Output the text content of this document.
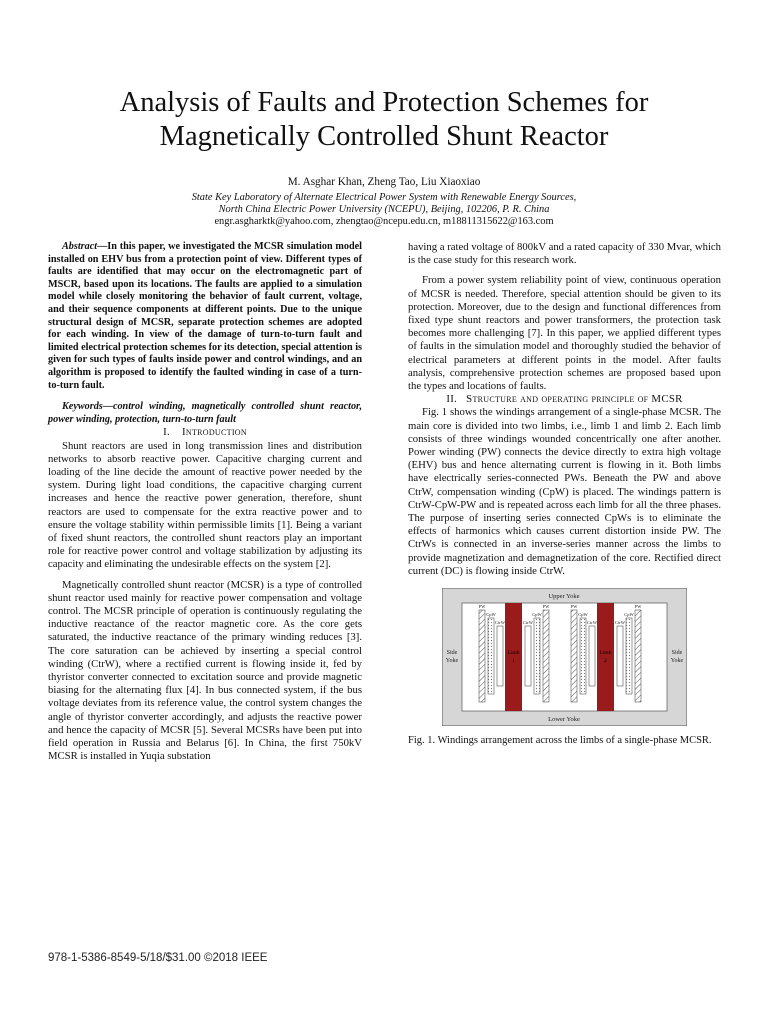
Analysis of Faults and Protection Schemes for
Magnetically Controlled Shunt Reactor
M. Asghar Khan, Zheng Tao, Liu Xiaoxiao
State Key Laboratory of Alternate Electrical Power System with Renewable Energy Sources,
North China Electric Power University (NCEPU), Beijing, 102206, P. R. China
engr.asgharktk@yahoo.com, zhengtao@ncepu.edu.cn, m18811315622@163.com

Abstract—In this paper, we investigated the MCSR simulation model installed on EHV bus from a protection point of view. Different types of faults are identified that may occur on the electromagnetic part of MSCR, based upon its locations. The faults are applied to a simulation model while closely monitoring the behavior of fault current, voltage, and their sequence components at different points. Due to the unique structural design of MCSR, separate protection schemes are adopted for each winding. In view of the damage of turn-to-turn fault and limited electrical protection schemes for its detection, special attention is given for such types of faults inside power and control windings, and an algorithm is proposed to identify the faulted winding in case of a turn-to-turn fault.

Keywords—control winding, magnetically controlled shunt reactor, power winding, protection, turn-to-turn fault

I. Introduction

Shunt reactors are used in long transmission lines and distribution networks to absorb reactive power. Capacitive charging current and loading of the line decide the amount of reactive power needed by the system. During light load conditions, the capacitive charging current increases and hence the reactive power generation, therefore, shunt reactors are used to compensate for the extra reactive power and to ensure the voltage stability within permissible limits [1]. Being a variant of fixed shunt reactors, the controlled shunt reactors play an important role for reactive power control and voltage stabilization by adjusting its capacity and eliminating the undesirable effects on the system [2].

Magnetically controlled shunt reactor (MCSR) is a type of controlled shunt reactor used mainly for reactive power compensation and voltage control. The MCSR principle of operation is continuously regulating the inductive reactance of the reactor magnetic core. As the core gets saturated, the inductive reactance of the primary winding reduces [3]. The core saturation can be achieved by inserting a special control winding (CtrW), where a rectified current is flowing inside it, fed by thyristor converter connected to excitation source and provide magnetic biasing for the alternating flux [4]. In bus connected system, if the bus voltage deviates from its reference value, the control system changes the angle of thyristor converter accordingly, and adjusts the reactive power and hence the capacity of MCSR [5]. Several MCSRs have been put into field operation in Russia and Belarus [6]. In China, the first 750kV MCSR is installed in Yuqia substation

having a rated voltage of 800kV and a rated capacity of 330 Mvar, which is the case study for this research work.

From a power system reliability point of view, continuous operation of MCSR is needed. Therefore, special attention should be given to its protection. Moreover, due to the design and functional differences from fixed type shunt reactors and power transformers, the protection task becomes more challenging [7]. In this paper, we applied different types of faults in the simulation model and thoroughly studied the behavior of electrical parameters at different points in the model. After faults analysis, comprehensive protection schemes are proposed based upon the types and locations of faults.

II. Structure and operating principle of MCSR

Fig. 1 shows the windings arrangement of a single-phase MCSR. The main core is divided into two limbs, i.e., limb 1 and limb 2. Each limb consists of three windings wounded concentrically one after another. Power winding (PW) connects the device directly to extra high voltage (EHV) bus and hence alternating current is flowing in it. Both limbs have electrically series-connected PWs. Beneath the PW and above CtrW, compensation winding (CpW) is placed. The windings pattern is CtrW-CpW-PW and is repeated across each limb for all the three phases. The purpose of inserting series connected CpWs is to eliminate the effects of harmonics which causes current distortion inside PW. The CtrWs is connected in an inverse-series manner across the limbs to provide magnetization and demagnetization of the core. Rectified direct current (DC) is flowing inside CtrW.

Upper Yoke
Lower Yoke
Side
Yoke
Side
Yoke
Limb
1
Limb
2
PW
CpW
CtrW	CtrW
CpW
PW	PW
CpW
CtrW	CtrW
CpW
PW

Fig. 1. Windings arrangement across the limbs of a single-phase MCSR.

978-1-5386-8549-5/18/$31.00 ©2018 IEEE
